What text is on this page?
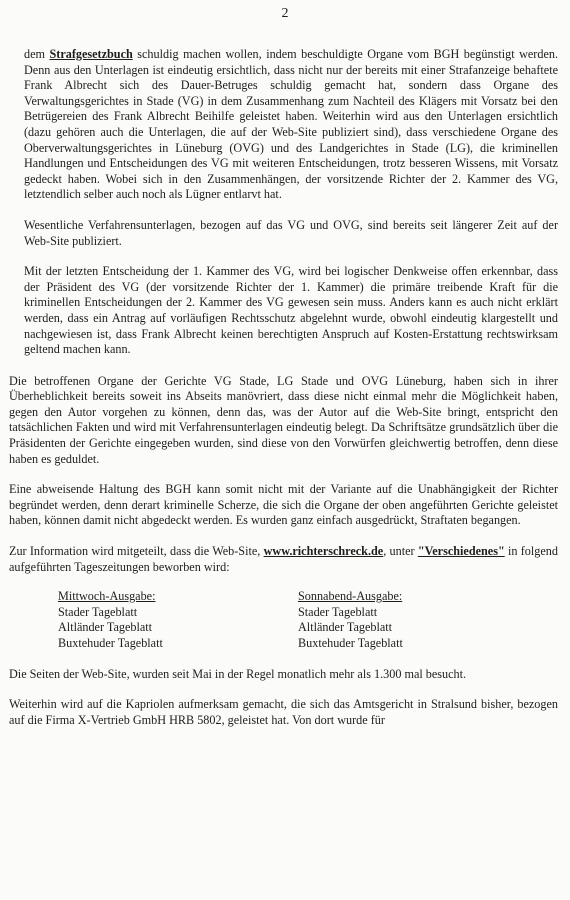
2

dem Strafgesetzbuch schuldig machen wollen, indem beschuldigte Organe vom BGH begünstigt werden. Denn aus den Unterlagen ist eindeutig ersichtlich, dass nicht nur der bereits mit einer Strafanzeige behaftete Frank Albrecht sich des Dauer-Betruges schuldig gemacht hat, sondern dass Organe des Verwaltungsgerichtes in Stade (VG) in dem Zusammenhang zum Nachteil des Klägers mit Vorsatz bei den Betrügereien des Frank Albrecht Beihilfe geleistet haben. Weiterhin wird aus den Unterlagen ersichtlich (dazu gehören auch die Unterlagen, die auf der Web-Site publiziert sind), dass verschiedene Organe des Oberverwaltungsgerichtes in Lüneburg (OVG) und des Landgerichtes in Stade (LG), die kriminellen Handlungen und Entscheidungen des VG mit weiteren Entscheidungen, trotz besseren Wissens, mit Vorsatz gedeckt haben. Wobei sich in den Zusammenhängen, der vorsitzende Richter der 2. Kammer des VG, letztendlich selber auch noch als Lügner entlarvt hat.

Wesentliche Verfahrensunterlagen, bezogen auf das VG und OVG, sind bereits seit längerer Zeit auf der Web-Site publiziert.

Mit der letzten Entscheidung der 1. Kammer des VG, wird bei logischer Denkweise offen erkennbar, dass der Präsident des VG (der vorsitzende Richter der 1. Kammer) die primäre treibende Kraft für die kriminellen Entscheidungen der 2. Kammer des VG gewesen sein muss. Anders kann es auch nicht erklärt werden, dass ein Antrag auf vorläufigen Rechtsschutz abgelehnt wurde, obwohl eindeutig klargestellt und nachgewiesen ist, dass Frank Albrecht keinen berechtigten Anspruch auf Kosten-Erstattung rechtswirksam geltend machen kann.

Die betroffenen Organe der Gerichte VG Stade, LG Stade und OVG Lüneburg, haben sich in ihrer Überheblichkeit bereits soweit ins Abseits manövriert, dass diese nicht einmal mehr die Möglichkeit haben, gegen den Autor vorgehen zu können, denn das, was der Autor auf die Web-Site bringt, entspricht den tatsächlichen Fakten und wird mit Verfahrensunterlagen eindeutig belegt. Da Schriftsätze grundsätzlich über die Präsidenten der Gerichte eingegeben wurden, sind diese von den Vorwürfen gleichwertig betroffen, denn diese haben es geduldet.

Eine abweisende Haltung des BGH kann somit nicht mit der Variante auf die Unabhängigkeit der Richter begründet werden, denn derart kriminelle Scherze, die sich die Organe der oben angeführten Gerichte geleistet haben, können damit nicht abgedeckt werden. Es wurden ganz einfach ausgedrückt, Straftaten begangen.

Zur Information wird mitgeteilt, dass die Web-Site, www.richterschreck.de, unter "Verschiedenes" in folgend aufgeführten Tageszeitungen beworben wird:

Mittwoch-Ausgabe:
Stader Tageblatt
Altländer Tageblatt
Buxtehuder Tageblatt
Sonnabend-Ausgabe:
Stader Tageblatt
Altländer Tageblatt
Buxtehuder Tageblatt

Die Seiten der Web-Site, wurden seit Mai in der Regel monatlich mehr als 1.300 mal besucht.

Weiterhin wird auf die Kapriolen aufmerksam gemacht, die sich das Amtsgericht in Stralsund bisher, bezogen auf die Firma X-Vertrieb GmbH HRB 5802, geleistet hat. Von dort wurde für
